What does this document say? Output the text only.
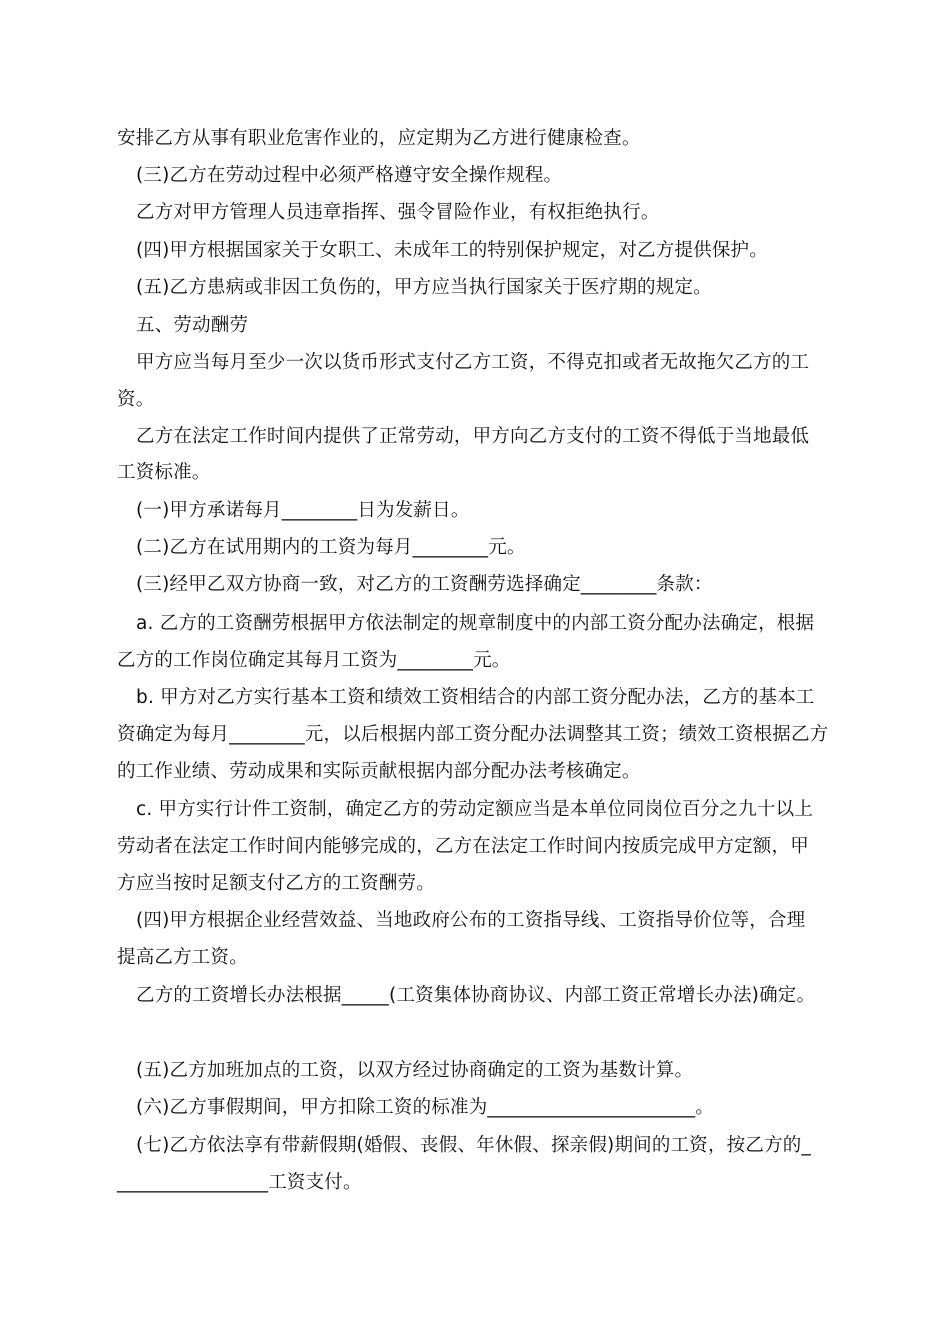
安排乙方从事有职业危害作业的，应定期为乙方进行健康检查。
(三)乙方在劳动过程中必须严格遵守安全操作规程。
乙方对甲方管理人员违章指挥、强令冒险作业，有权拒绝执行。
(四)甲方根据国家关于女职工、未成年工的特别保护规定，对乙方提供保护。
(五)乙方患病或非因工负伤的，甲方应当执行国家关于医疗期的规定。
五、劳动酬劳
甲方应当每月至少一次以货币形式支付乙方工资，不得克扣或者无故拖欠乙方的工
资。
乙方在法定工作时间内提供了正常劳动，甲方向乙方支付的工资不得低于当地最低
工资标准。
(一)甲方承诺每月________日为发薪日。
(二)乙方在试用期内的工资为每月________元。
(三)经甲乙双方协商一致，对乙方的工资酬劳选择确定________条款：
a. 乙方的工资酬劳根据甲方依法制定的规章制度中的内部工资分配办法确定，根据
乙方的工作岗位确定其每月工资为________元。
b. 甲方对乙方实行基本工资和绩效工资相结合的内部工资分配办法，乙方的基本工
资确定为每月________元，以后根据内部工资分配办法调整其工资；绩效工资根据乙方
的工作业绩、劳动成果和实际贡献根据内部分配办法考核确定。
c. 甲方实行计件工资制，确定乙方的劳动定额应当是本单位同岗位百分之九十以上
劳动者在法定工作时间内能够完成的，乙方在法定工作时间内按质完成甲方定额，甲
方应当按时足额支付乙方的工资酬劳。
(四)甲方根据企业经营效益、当地政府公布的工资指导线、工资指导价位等，合理
提高乙方工资。
乙方的工资增长办法根据_____(工资集体协商协议、内部工资正常增长办法)确定。
(五)乙方加班加点的工资，以双方经过协商确定的工资为基数计算。
(六)乙方事假期间，甲方扣除工资的标准为______________________。
(七)乙方依法享有带薪假期(婚假、丧假、年休假、探亲假)期间的工资，按乙方的_
________________工资支付。
